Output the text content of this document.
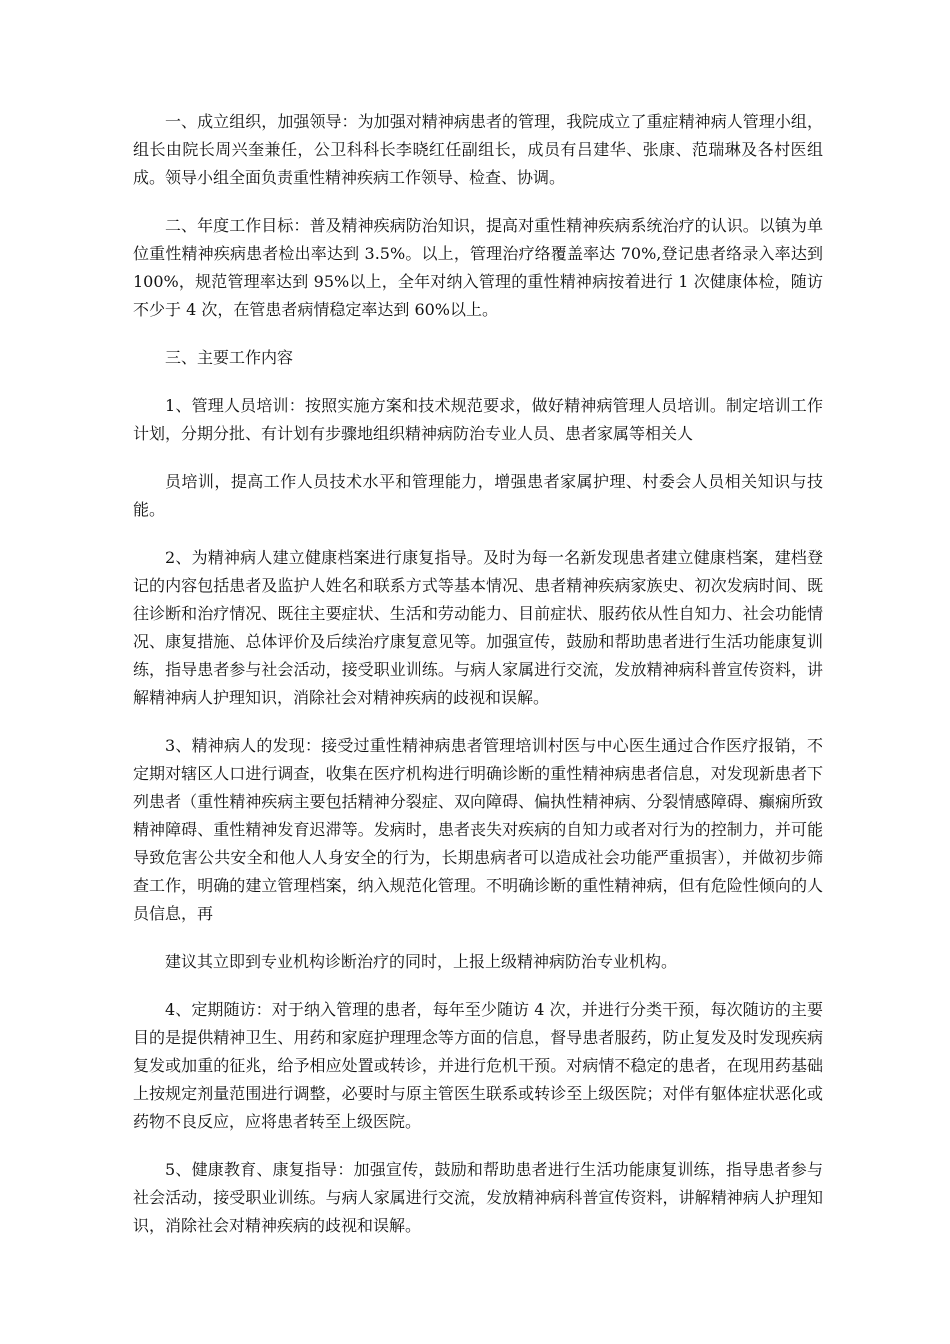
一、成立组织，加强领导：为加强对精神病患者的管理，我院成立了重症精神病人管理小组，组长由院长周兴奎兼任，公卫科科长李晓红任副组长，成员有吕建华、张康、范瑞琳及各村医组成。领导小组全面负责重性精神疾病工作领导、检查、协调。

二、年度工作目标：普及精神疾病防治知识，提高对重性精神疾病系统治疗的认识。以镇为单位重性精神疾病患者检出率达到 3.5%。以上，管理治疗络覆盖率达 70%,登记患者络录入率达到 100%，规范管理率达到 95%以上，全年对纳入管理的重性精神病按着进行 1 次健康体检，随访不少于 4 次，在管患者病情稳定率达到 60%以上。

三、主要工作内容

1、管理人员培训：按照实施方案和技术规范要求，做好精神病管理人员培训。制定培训工作计划，分期分批、有计划有步骤地组织精神病防治专业人员、患者家属等相关人

员培训，提高工作人员技术水平和管理能力，增强患者家属护理、村委会人员相关知识与技能。

2、为精神病人建立健康档案进行康复指导。及时为每一名新发现患者建立健康档案，建档登记的内容包括患者及监护人姓名和联系方式等基本情况、患者精神疾病家族史、初次发病时间、既往诊断和治疗情况、既往主要症状、生活和劳动能力、目前症状、服药依从性自知力、社会功能情况、康复措施、总体评价及后续治疗康复意见等。加强宣传，鼓励和帮助患者进行生活功能康复训练，指导患者参与社会活动，接受职业训练。与病人家属进行交流，发放精神病科普宣传资料，讲解精神病人护理知识，消除社会对精神疾病的歧视和误解。

3、精神病人的发现：接受过重性精神病患者管理培训村医与中心医生通过合作医疗报销，不定期对辖区人口进行调查，收集在医疗机构进行明确诊断的重性精神病患者信息，对发现新患者下列患者（重性精神疾病主要包括精神分裂症、双向障碍、偏执性精神病、分裂情感障碍、癫痫所致精神障碍、重性精神发育迟滞等。发病时，患者丧失对疾病的自知力或者对行为的控制力，并可能导致危害公共安全和他人人身安全的行为，长期患病者可以造成社会功能严重损害），并做初步筛查工作，明确的建立管理档案，纳入规范化管理。不明确诊断的重性精神病，但有危险性倾向的人员信息，再

建议其立即到专业机构诊断治疗的同时，上报上级精神病防治专业机构。

4、定期随访：对于纳入管理的患者，每年至少随访 4 次，并进行分类干预，每次随访的主要目的是提供精神卫生、用药和家庭护理理念等方面的信息，督导患者服药，防止复发及时发现疾病复发或加重的征兆，给予相应处置或转诊，并进行危机干预。对病情不稳定的患者，在现用药基础上按规定剂量范围进行调整，必要时与原主管医生联系或转诊至上级医院；对伴有躯体症状恶化或药物不良反应，应将患者转至上级医院。

5、健康教育、康复指导：加强宣传，鼓励和帮助患者进行生活功能康复训练，指导患者参与社会活动，接受职业训练。与病人家属进行交流，发放精神病科普宣传资料，讲解精神病人护理知识，消除社会对精神疾病的歧视和误解。
